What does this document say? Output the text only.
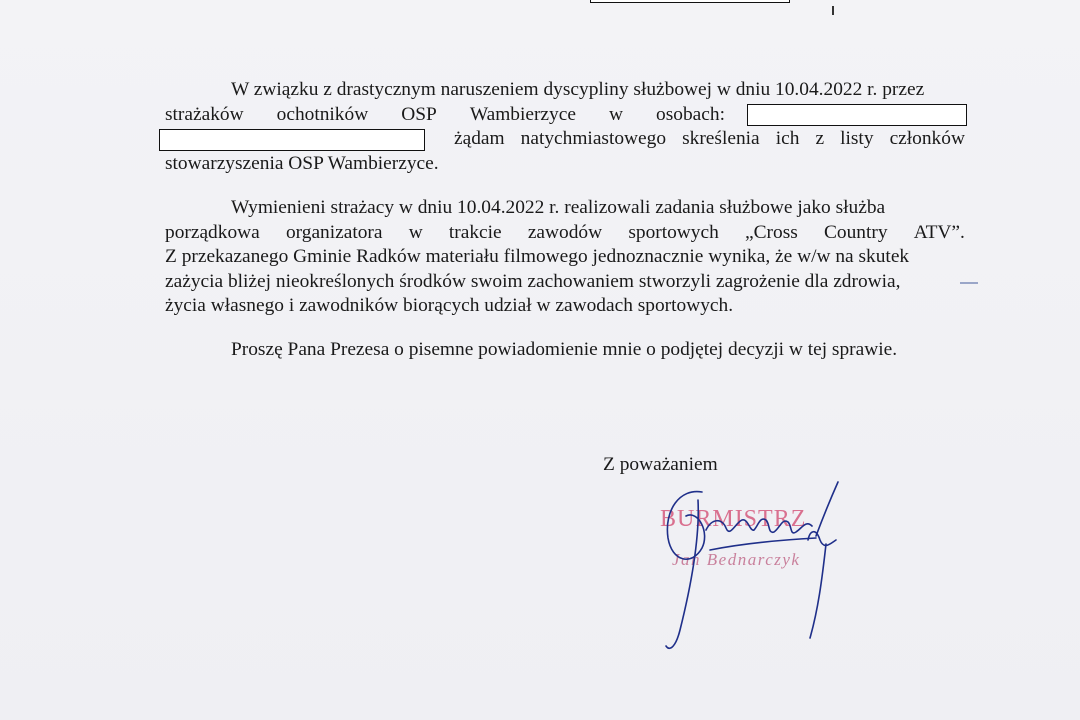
W związku z drastycznym naruszeniem dyscypliny służbowej w dniu 10.04.2022 r. przez
strażaków ochotników OSP Wambierzyce w osobach:
żądam natychmiastowego skreślenia ich z listy członków
stowarzyszenia OSP Wambierzyce.
Wymienieni strażacy w dniu 10.04.2022 r. realizowali zadania służbowe jako służba
porządkowa organizatora w trakcie zawodów sportowych „Cross Country ATV”.
Z przekazanego Gminie Radków materiału filmowego jednoznacznie wynika, że w/w na skutek
zażycia bliżej nieokreślonych środków swoim zachowaniem stworzyli zagrożenie dla zdrowia,
życia własnego i zawodników biorących udział w zawodach sportowych.
Proszę Pana Prezesa o pisemne powiadomienie mnie o podjętej decyzji w tej sprawie.
Z poważaniem
BURMISTRZ
Jan Bednarczyk
